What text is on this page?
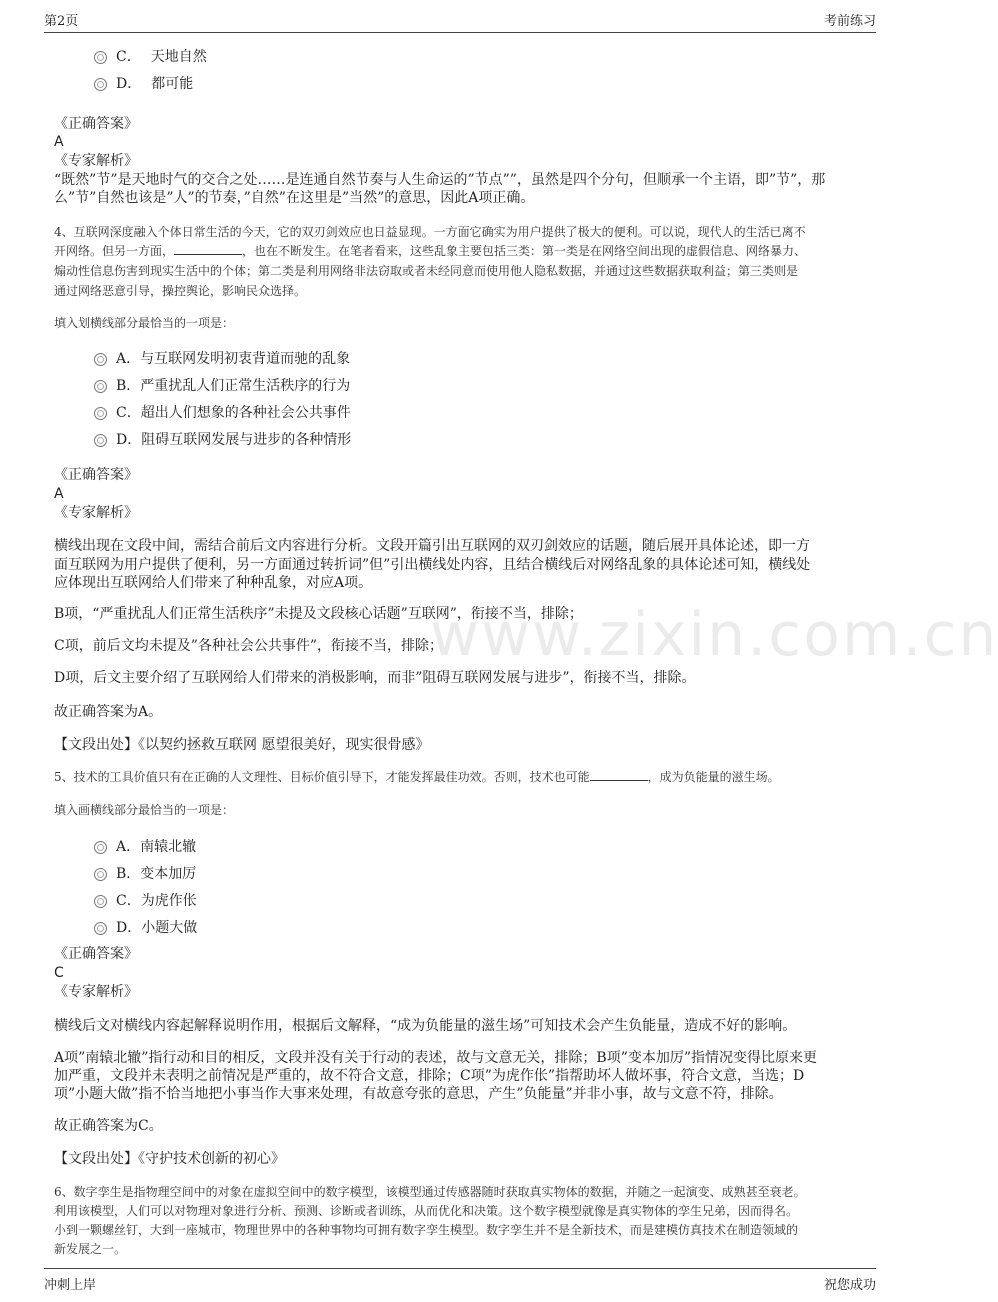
第2页	考前练习
www.zixin.com.cn
C． 天地自然
D． 都可能
《正确答案》
A
《专家解析》
“既然”节”是天地时气的交合之处……是连通自然节奏与人生命运的”节点””，虽然是四个分句，但顺承一个主语，即”节”，那
么”节”自然也该是”人”的节奏，”自然”在这里是”当然”的意思，因此A项正确。
4、互联网深度融入个体日常生活的今天，它的双刃剑效应也日益显现。一方面它确实为用户提供了极大的便利。可以说，现代人的生活已离不
开网络。但另一方面，	，也在不断发生。在笔者看来，这些乱象主要包括三类：第一类是在网络空间出现的虚假信息、网络暴力、
煽动性信息伤害到现实生活中的个体；第二类是利用网络非法窃取或者未经同意而使用他人隐私数据，并通过这些数据获取利益；第三类则是
通过网络恶意引导，操控舆论，影响民众选择。
填入划横线部分最恰当的一项是：
A． 与互联网发明初衷背道而驰的乱象
B． 严重扰乱人们正常生活秩序的行为
C． 超出人们想象的各种社会公共事件
D． 阻碍互联网发展与进步的各种情形
《正确答案》
A
《专家解析》
横线出现在文段中间，需结合前后文内容进行分析。文段开篇引出互联网的双刃剑效应的话题，随后展开具体论述，即一方
面互联网为用户提供了便利，另一方面通过转折词”但”引出横线处内容，且结合横线后对网络乱象的具体论述可知，横线处
应体现出互联网给人们带来了种种乱象，对应A项。
B项，“严重扰乱人们正常生活秩序”未提及文段核心话题”互联网”，衔接不当，排除；
C项，前后文均未提及”各种社会公共事件”，衔接不当，排除；
D项，后文主要介绍了互联网给人们带来的消极影响，而非”阻碍互联网发展与进步”，衔接不当，排除。
故正确答案为A。
【文段出处】《以契约拯救互联网 愿望很美好，现实很骨感》
5、技术的工具价值只有在正确的人文理性、目标价值引导下，才能发挥最佳功效。否则，技术也可能	，成为负能量的滋生场。
填入画横线部分最恰当的一项是：
A． 南辕北辙
B． 变本加厉
C． 为虎作伥
D． 小题大做
《正确答案》
C
《专家解析》
横线后文对横线内容起解释说明作用，根据后文解释，“成为负能量的滋生场”可知技术会产生负能量，造成不好的影响。
A项”南辕北辙”指行动和目的相反，文段并没有关于行动的表述，故与文意无关，排除；B项”变本加厉”指情况变得比原来更
加严重，文段并未表明之前情况是严重的，故不符合文意，排除；C项”为虎作伥”指帮助坏人做坏事，符合文意，当选；D
项”小题大做”指不恰当地把小事当作大事来处理，有故意夸张的意思，产生”负能量”并非小事，故与文意不符，排除。
故正确答案为C。
【文段出处】《守护技术创新的初心》
6、数字孪生是指物理空间中的对象在虚拟空间中的数字模型，该模型通过传感器随时获取真实物体的数据，并随之一起演变、成熟甚至衰老。
利用该模型，人们可以对物理对象进行分析、预测、诊断或者训练，从而优化和决策。这个数字模型就像是真实物体的孪生兄弟，因而得名。
小到一颗螺丝钉，大到一座城市，物理世界中的各种事物均可拥有数字孪生模型。数字孪生并不是全新技术，而是建模仿真技术在制造领域的
新发展之一。
冲刺上岸	祝您成功
